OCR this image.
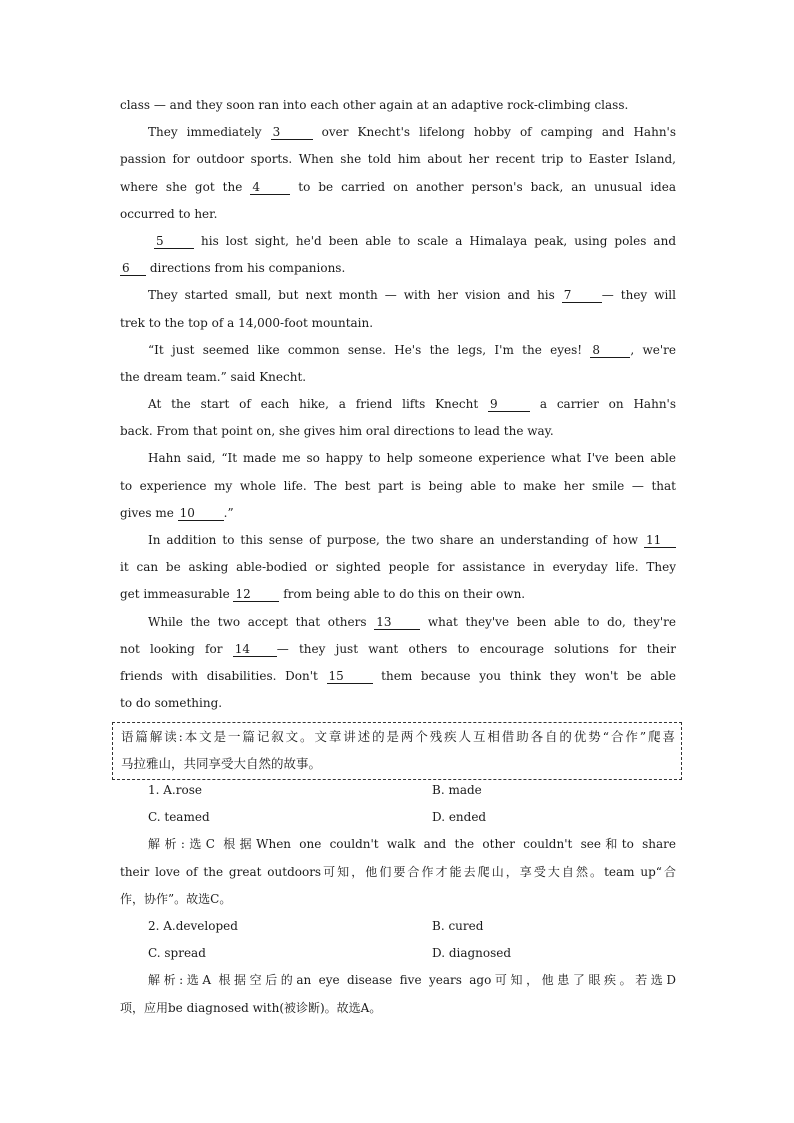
class — and they soon ran into each other again at an adaptive rock-climbing class.
They immediately 3	over Knecht's lifelong hobby of camping and Hahn's
passion for outdoor sports. When she told him about her recent trip to Easter Island,
where she got the 4	to be carried on another person's back, an unusual idea
occurred to her.
5	his lost sight, he'd been able to scale a Himalaya peak, using poles and
6 directions from his companions.
They started small, but next month — with her vision and his 7	— they will
trek to the top of a 14,000-foot mountain.
“It just seemed like common sense. He's the legs, I'm the eyes! 8	, we're
the dream team.” said Knecht.
At the start of each hike, a friend lifts Knecht 9	a carrier on Hahn's
back. From that point on, she gives him oral directions to lead the way.
Hahn said, “It made me so happy to help someone experience what I've been able
to experience my whole life. The best part is being able to make her smile — that
gives me 10 .”
In addition to this sense of purpose, the two share an understanding of how 11
it can be asking able-bodied or sighted people for assistance in everyday life. They
get immeasurable 12 from being able to do this on their own.
While the two accept that others 13 what they've been able to do, they're
not looking for 14 — they just want others to encourage solutions for their
friends with disabilities. Don't 15 them because you think they won't be able
to do something.
语篇解读:本文是一篇记叙文。文章讲述的是两个残疾人互相借助各自的优势“合作”爬喜
马拉雅山，共同享受大自然的故事。
1. A.rose	B. made
C. teamed	D. ended
解析:选C 根据When one couldn't walk and the other couldn't see和to share
their love of the great outdoors可知，他们要合作才能去爬山，享受大自然。team up“合
作，协作”。故选C。
2. A.developed	B. cured
C. spread	D. diagnosed
解析:选A 根据空后的an eye disease five years ago可知，他患了眼疾。若选D
项，应用be diagnosed with(被诊断)。故选A。
